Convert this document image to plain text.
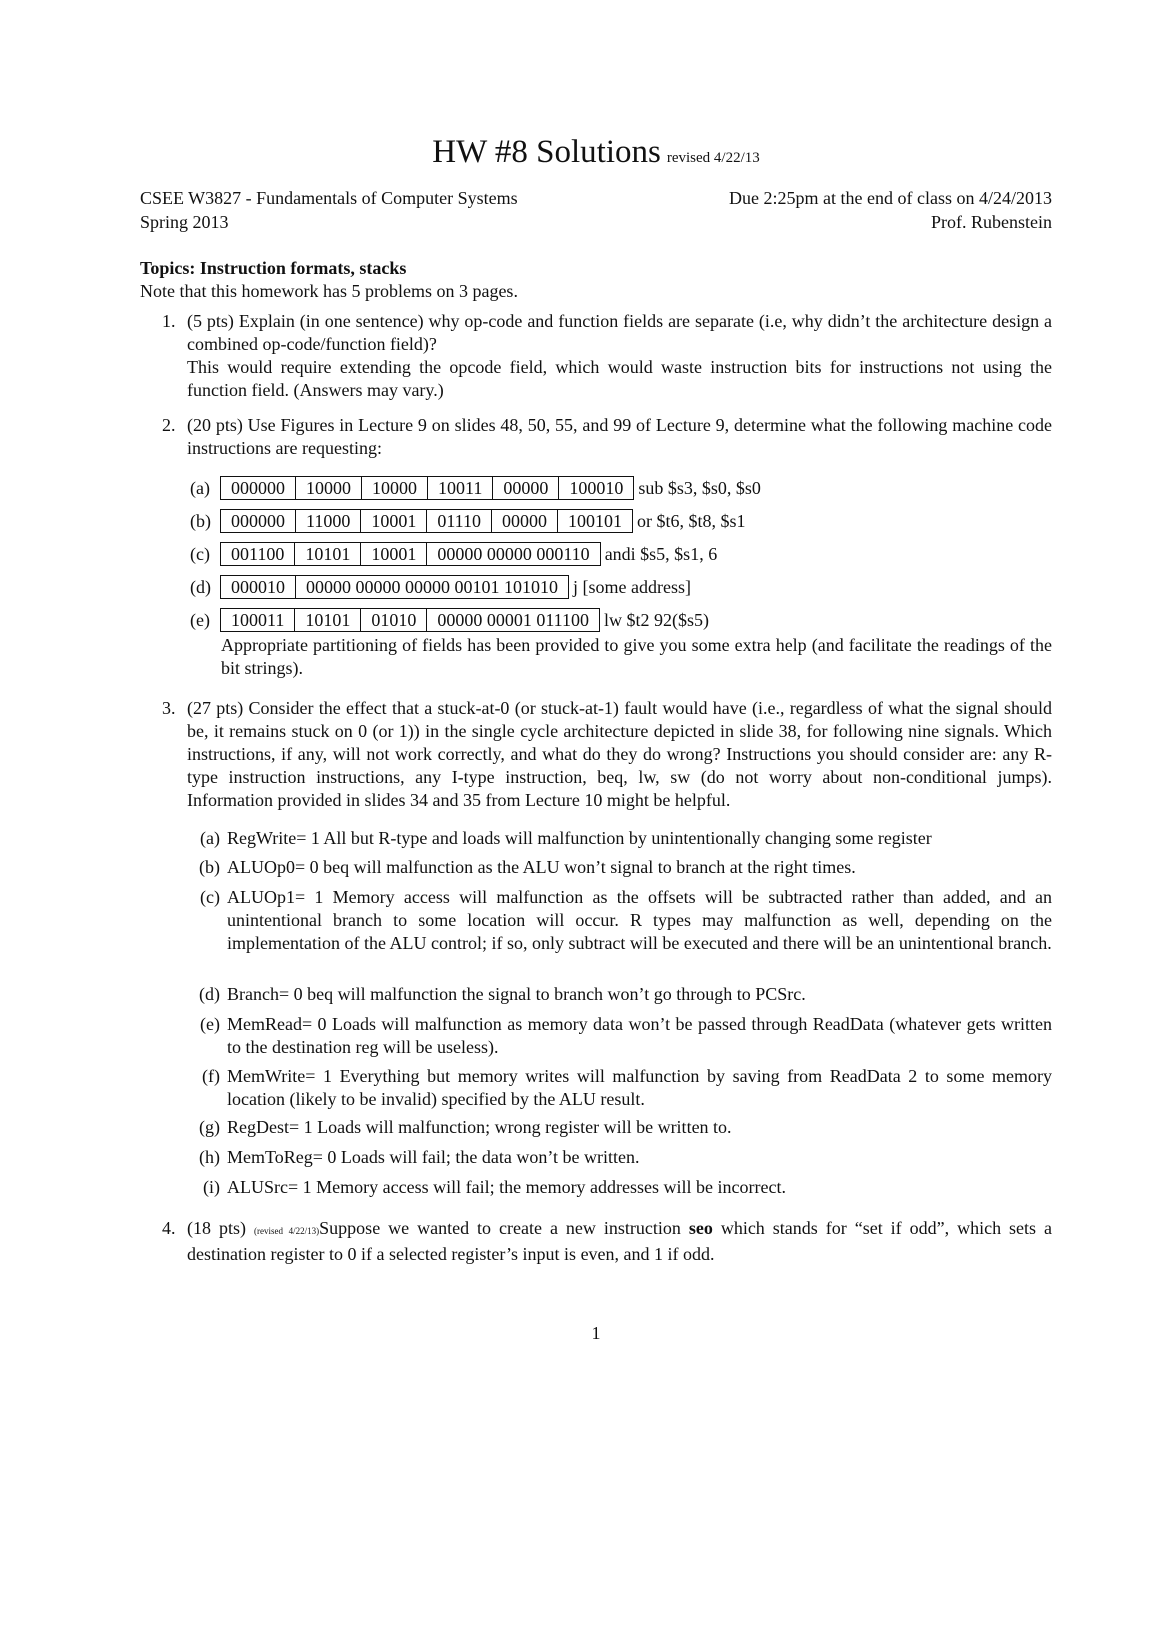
HW #8 Solutions revised 4/22/13
CSEE W3827 - Fundamentals of Computer Systems
Spring 2013
Due 2:25pm at the end of class on 4/24/2013
Prof. Rubenstein
Topics: Instruction formats, stacks
Note that this homework has 5 problems on 3 pages.
1. (5 pts) Explain (in one sentence) why op-code and function fields are separate (i.e, why didn’t the architecture design a combined op-code/function field)?
This would require extending the opcode field, which would waste instruction bits for instructions not using the function field. (Answers may vary.)
2. (20 pts) Use Figures in Lecture 9 on slides 48, 50, 55, and 99 of Lecture 9, determine what the following machine code instructions are requesting:
(a)	000000	10000	10000	10011	00000	100010 sub $s3, $s0, $s0
(b)	000000	11000	10001	01110	00000	100101 or $t6, $t8, $s1
(c)	001100	10101	10001	00000 00000 000110 andi $s5, $s1, 6
(d)	000010	00000 00000 00000 00101 101010 j [some address]
(e)	100011	10101	01010	00000 00001 011100 lw $t2 92($s5)
Appropriate partitioning of fields has been provided to give you some extra help (and facilitate the readings of the bit strings).
3. (27 pts) Consider the effect that a stuck-at-0 (or stuck-at-1) fault would have (i.e., regardless of what the signal should be, it remains stuck on 0 (or 1)) in the single cycle architecture depicted in slide 38, for following nine signals. Which instructions, if any, will not work correctly, and what do they do wrong? Instructions you should consider are: any R-type instruction instructions, any I-type instruction, beq, lw, sw (do not worry about non-conditional jumps). Information provided in slides 34 and 35 from Lecture 10 might be helpful.
(a) RegWrite= 1 All but R-type and loads will malfunction by unintentionally changing some register
(b) ALUOp0= 0 beq will malfunction as the ALU won’t signal to branch at the right times.
(c) ALUOp1= 1 Memory access will malfunction as the offsets will be subtracted rather than added, and an unintentional branch to some location will occur. R types may malfunction as well, depending on the implementation of the ALU control; if so, only subtract will be executed and there will be an unintentional branch.
(d) Branch= 0 beq will malfunction the signal to branch won’t go through to PCSrc.
(e) MemRead= 0 Loads will malfunction as memory data won’t be passed through ReadData (whatever gets written to the destination reg will be useless).
(f) MemWrite= 1 Everything but memory writes will malfunction by saving from ReadData 2 to some memory location (likely to be invalid) specified by the ALU result.
(g) RegDest= 1 Loads will malfunction; wrong register will be written to.
(h) MemToReg= 0 Loads will fail; the data won’t be written.
(i) ALUSrc= 1 Memory access will fail; the memory addresses will be incorrect.
4. (18 pts) (revised 4/22/13)Suppose we wanted to create a new instruction seo which stands for “set if odd”, which sets a destination register to 0 if a selected register’s input is even, and 1 if odd.
1
